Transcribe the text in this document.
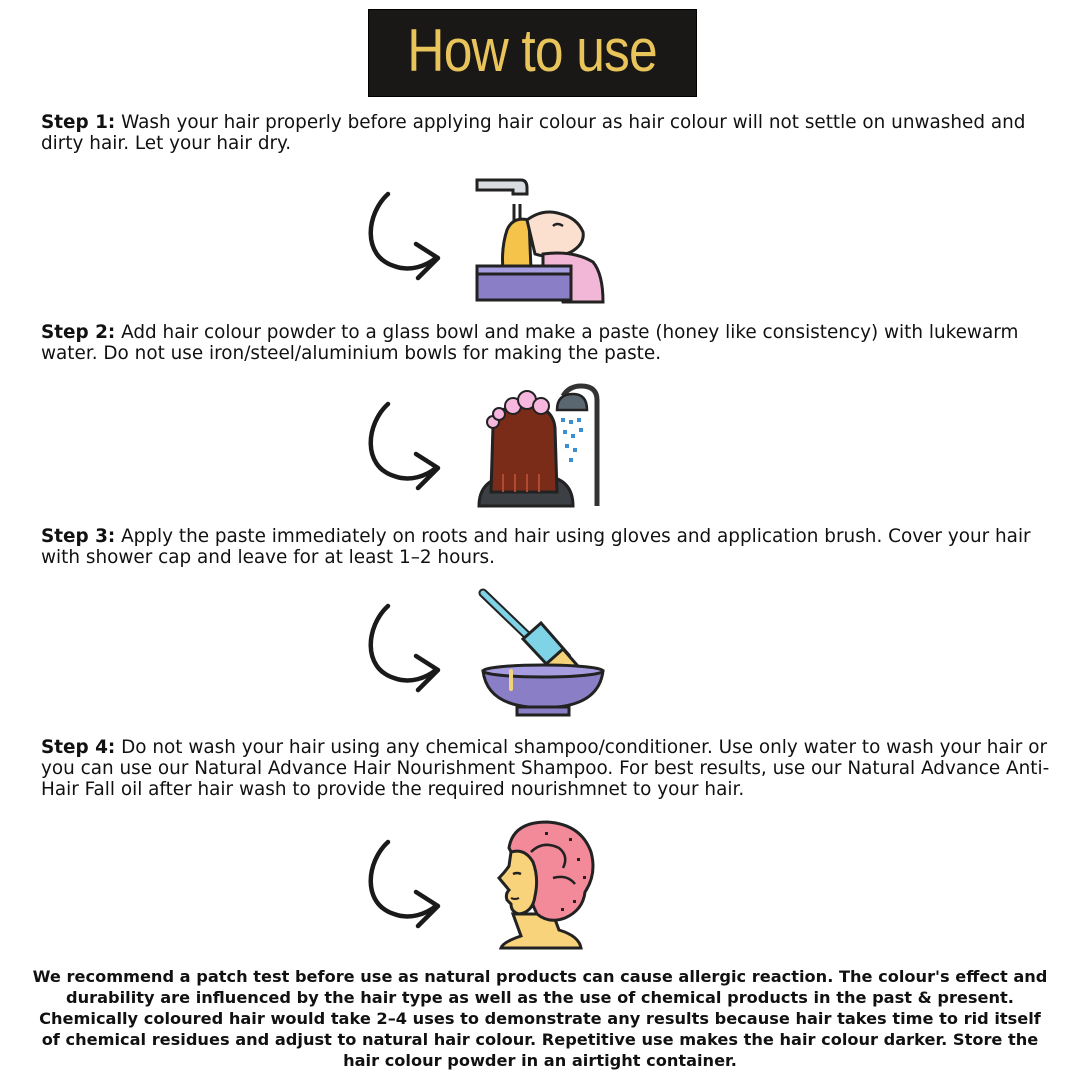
How to use
Step 1: Wash your hair properly before applying hair colour as hair colour will not settle on unwashed and dirty hair. Let your hair dry.
Step 2: Add hair colour powder to a glass bowl and make a paste (honey like consistency) with lukewarm water. Do not use iron/steel/aluminium bowls for making the paste.
Step 3: Apply the paste immediately on roots and hair using gloves and application brush. Cover your hair with shower cap and leave for at least 1–2 hours.
Step 4: Do not wash your hair using any chemical shampoo/conditioner. Use only water to wash your hair or you can use our Natural Advance Hair Nourishment Shampoo. For best results, use our Natural Advance Anti-Hair Fall oil after hair wash to provide the required nourishmnet to your hair.
We recommend a patch test before use as natural products can cause allergic reaction. The colour's effect and durability are influenced by the hair type as well as the use of chemical products in the past & present. Chemically coloured hair would take 2–4 uses to demonstrate any results because hair takes time to rid itself of chemical residues and adjust to natural hair colour. Repetitive use makes the hair colour darker. Store the hair colour powder in an airtight container.
